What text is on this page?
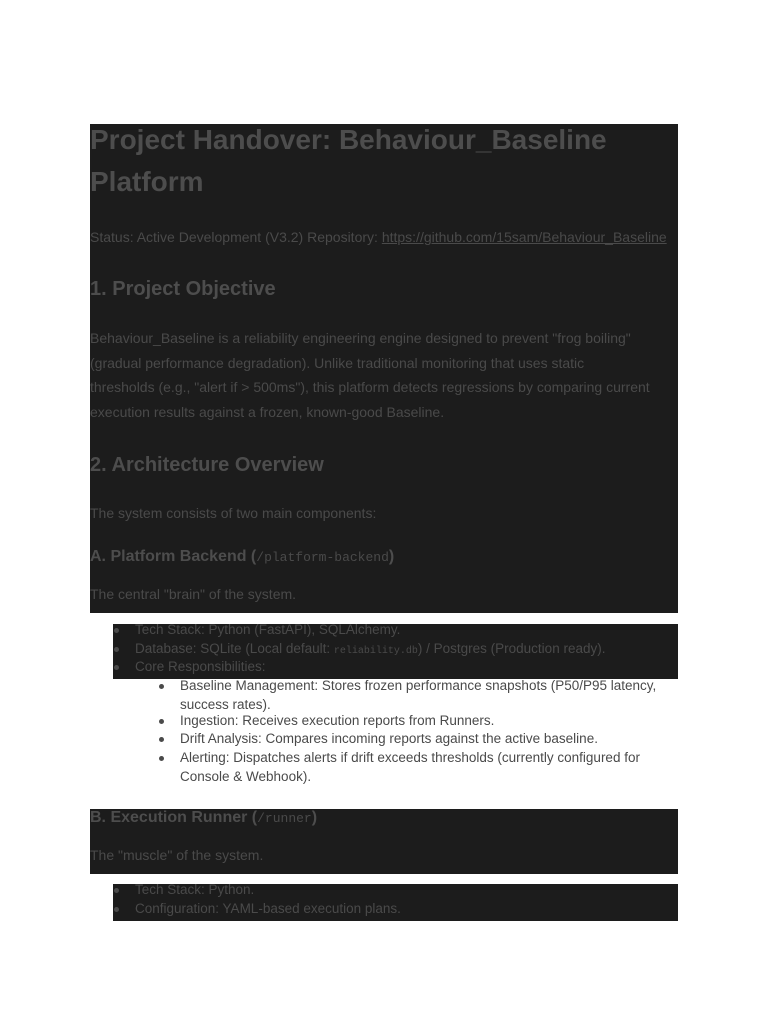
Project Handover: Behaviour_Baseline
Platform
Status: Active Development (V3.2) Repository: https://github.com/15sam/Behaviour_Baseline
1. Project Objective
Behaviour_Baseline is a reliability engineering engine designed to prevent "frog boiling" (gradual performance degradation). Unlike traditional monitoring that uses static thresholds (e.g., "alert if > 500ms"), this platform detects regressions by comparing current execution results against a frozen, known-good Baseline.
2. Architecture Overview
The system consists of two main components:
A. Platform Backend (/platform-backend)
The central "brain" of the system.
Tech Stack: Python (FastAPI), SQLAlchemy.
Database: SQLite (Local default: reliability.db) / Postgres (Production ready).
Core Responsibilities:
Baseline Management: Stores frozen performance snapshots (P50/P95 latency, success rates).
Ingestion: Receives execution reports from Runners.
Drift Analysis: Compares incoming reports against the active baseline.
Alerting: Dispatches alerts if drift exceeds thresholds (currently configured for Console & Webhook).
B. Execution Runner (/runner)
The "muscle" of the system.
Tech Stack: Python.
Configuration: YAML-based execution plans.
